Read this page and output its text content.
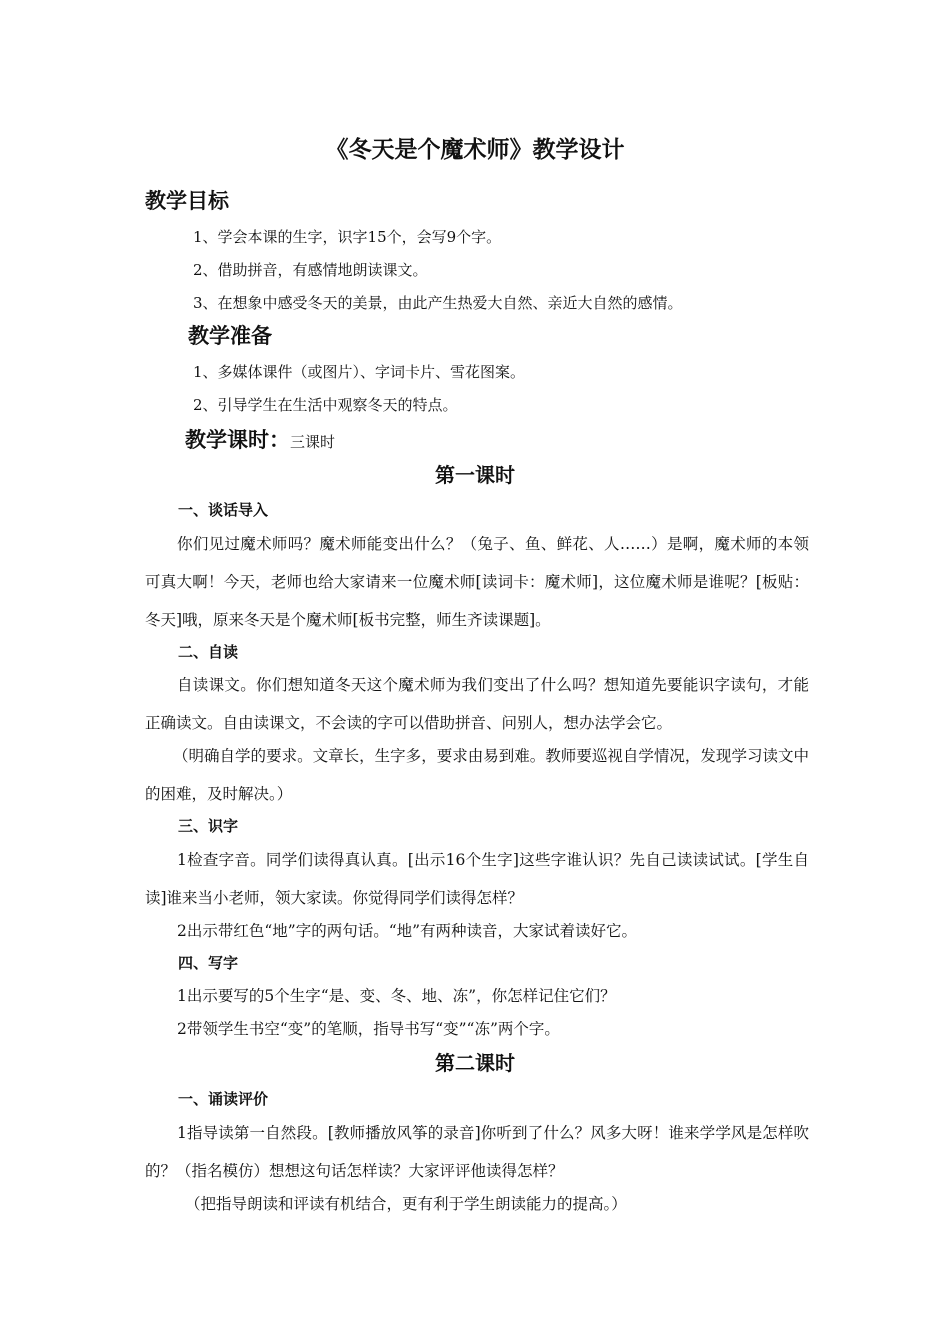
《冬天是个魔术师》教学设计
教学目标
1、学会本课的生字，识字15个，会写9个字。
2、借助拼音，有感情地朗读课文。
3、在想象中感受冬天的美景，由此产生热爱大自然、亲近大自然的感情。
教学准备
1、多媒体课件（或图片）、字词卡片、雪花图案。
2、引导学生在生活中观察冬天的特点。
教学课时：三课时
第一课时
一、谈话导入
你们见过魔术师吗？魔术师能变出什么？（兔子、鱼、鲜花、人……）是啊，魔术师的本领可真大啊！今天，老师也给大家请来一位魔术师[读词卡：魔术师]，这位魔术师是谁呢？[板贴：冬天]哦，原来冬天是个魔术师[板书完整，师生齐读课题]。
二、自读
自读课文。你们想知道冬天这个魔术师为我们变出了什么吗？想知道先要能识字读句，才能正确读文。自由读课文，不会读的字可以借助拼音、问别人，想办法学会它。
（明确自学的要求。文章长，生字多，要求由易到难。教师要巡视自学情况，发现学习读文中的困难，及时解决。）
三、识字
1检查字音。同学们读得真认真。[出示16个生字]这些字谁认识？先自己读读试试。[学生自读]谁来当小老师，领大家读。你觉得同学们读得怎样？
2出示带红色“地”字的两句话。“地”有两种读音，大家试着读好它。
四、写字
1出示要写的5个生字“是、变、冬、地、冻”，你怎样记住它们？
2带领学生书空“变”的笔顺，指导书写“变”“冻”两个字。
第二课时
一、诵读评价
1指导读第一自然段。[教师播放风筝的录音]你听到了什么？风多大呀！谁来学学风是怎样吹的？（指名模仿）想想这句话怎样读？大家评评他读得怎样？
（把指导朗读和评读有机结合，更有利于学生朗读能力的提高。）
